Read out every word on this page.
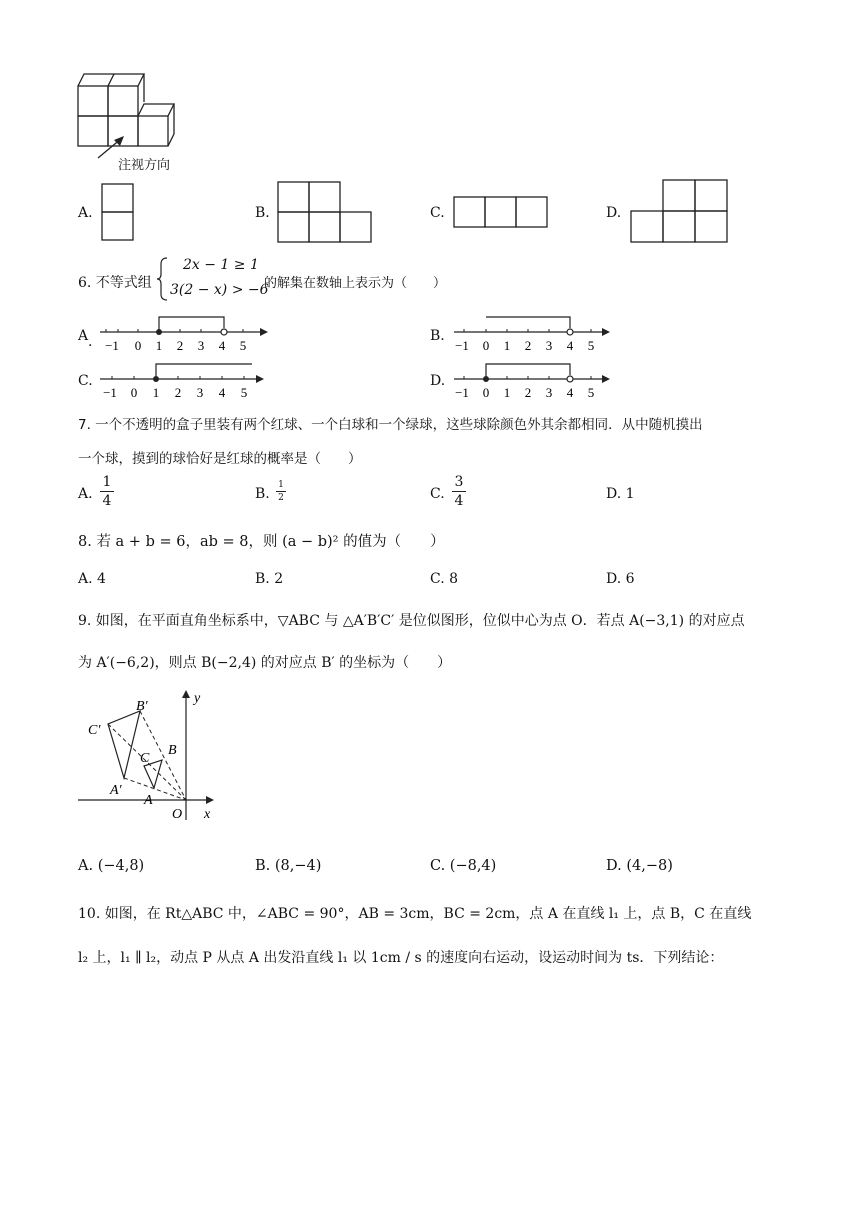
注视方向
A.	B.	C.	D.
6. 不等式组
2x − 1 ≥ 1
3(2 − x) > −6
的解集在数轴上表示为（　　）
A
−1 0 1 2 3 4 5
.	B.
−1 0 1 2 3 4 5
C.
−1 0 1 2 3 4 5
D.
−1 0 1 2 3 4 5
7. 一个不透明的盒子里装有两个红球、一个白球和一个绿球，这些球除颜色外其余都相同．从中随机摸出
一个球，摸到的球恰好是红球的概率是（　　）
A.
1
4	B.
1
2	C.
3
4	D. 1
8. 若 a + b = 6，ab = 8，则 (a − b)² 的值为（　　）
A. 4	B. 2	C. 8	D. 6
9. 如图，在平面直角坐标系中，▽ABC 与 △A′B′C′ 是位似图形，位似中心为点 O．若点 A(−3,1) 的对应点
为 A′(−6,2)，则点 B(−2,4) 的对应点 B′ 的坐标为（　　）
y
x
O
A
B
C
A′
B′
C′
A. (−4,8)	B. (8,−4)	C. (−8,4)	D. (4,−8)
10. 如图，在 Rt△ABC 中，∠ABC = 90°，AB = 3cm，BC = 2cm，点 A 在直线 l₁ 上，点 B，C 在直线
l₂ 上，l₁ ∥ l₂，动点 P 从点 A 出发沿直线 l₁ 以 1cm / s 的速度向右运动，设运动时间为 ts．下列结论：
